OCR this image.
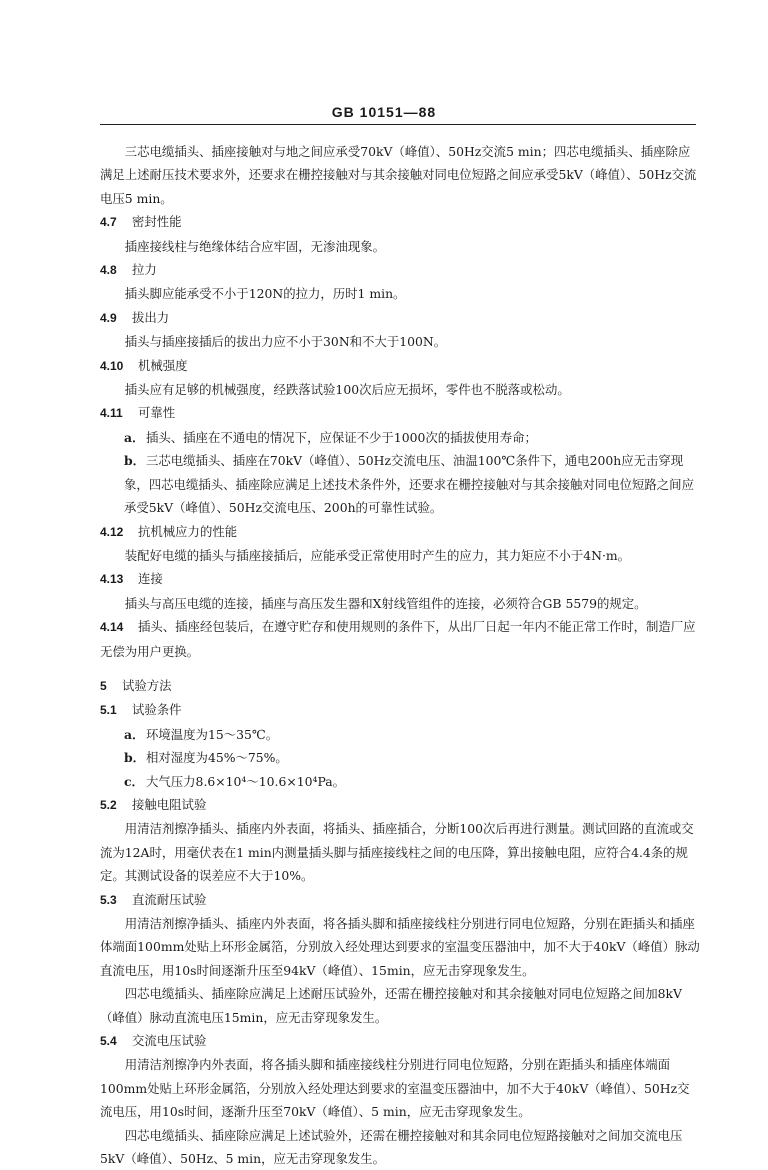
GB 10151—88

三芯电缆插头、插座接触对与地之间应承受70kV（峰值）、50Hz交流5 min；四芯电缆插头、插座除应满足上述耐压技术要求外，还要求在栅控接触对与其余接触对同电位短路之间应承受5kV（峰值）、50Hz交流电压5 min。

4.7	密封性能

插座接线柱与绝缘体结合应牢固，无渗油现象。

4.8	拉力

插头脚应能承受不小于120N的拉力，历时1 min。

4.9	拔出力

插头与插座接插后的拔出力应不小于30N和不大于100N。

4.10	机械强度

插头应有足够的机械强度，经跌落试验100次后应无损坏，零件也不脱落或松动。

4.11	可靠性

a． 插头、插座在不通电的情况下，应保证不少于1000次的插拔使用寿命；

b．三芯电缆插头、插座在70kV（峰值）、50Hz交流电压、油温100℃条件下，通电200h应无击穿现象，四芯电缆插头、插座除应满足上述技术条件外，还要求在栅控接触对与其余接触对同电位短路之间应承受5kV（峰值）、50Hz交流电压、200h的可靠性试验。

4.12	抗机械应力的性能

装配好电缆的插头与插座接插后，应能承受正常使用时产生的应力，其力矩应不小于4N·m。

4.13	连接

插头与高压电缆的连接，插座与高压发生器和X射线管组件的连接，必须符合GB 5579的规定。

4.14 插头、插座经包装后，在遵守贮存和使用规则的条件下，从出厂日起一年内不能正常工作时，制造厂应无偿为用户更换。

5	试验方法
5.1	试验条件

a． 环境温度为15～35℃。

b．相对湿度为45%～75%。

c． 大气压力8.6×10⁴～10.6×10⁴Pa。

5.2	接触电阻试验

用清洁剂擦净插头、插座内外表面，将插头、插座插合，分断100次后再进行测量。测试回路的直流或交流为12A时，用毫伏表在1 min内测量插头脚与插座接线柱之间的电压降，算出接触电阻，应符合4.4条的规定。其测试设备的误差应不大于10%。

5.3	直流耐压试验

用清洁剂擦净插头、插座内外表面，将各插头脚和插座接线柱分别进行同电位短路，分别在距插头和插座体端面100mm处贴上环形金属箔，分别放入经处理达到要求的室温变压器油中，加不大于40kV（峰值）脉动直流电压，用10s时间逐渐升压至94kV（峰值）、15min，应无击穿现象发生。

四芯电缆插头、插座除应满足上述耐压试验外，还需在栅控接触对和其余接触对同电位短路之间加8kV（峰值）脉动直流电压15min，应无击穿现象发生。

5.4	交流电压试验

用清洁剂擦净内外表面，将各插头脚和插座接线柱分别进行同电位短路，分别在距插头和插座体端面100mm处贴上环形金属箔，分别放入经处理达到要求的室温变压器油中，加不大于40kV（峰值）、50Hz交流电压，用10s时间，逐渐升压至70kV（峰值）、5 min，应无击穿现象发生。

四芯电缆插头、插座除应满足上述试验外，还需在栅控接触对和其余同电位短路接触对之间加交流电压5kV（峰值）、50Hz、5 min，应无击穿现象发生。
